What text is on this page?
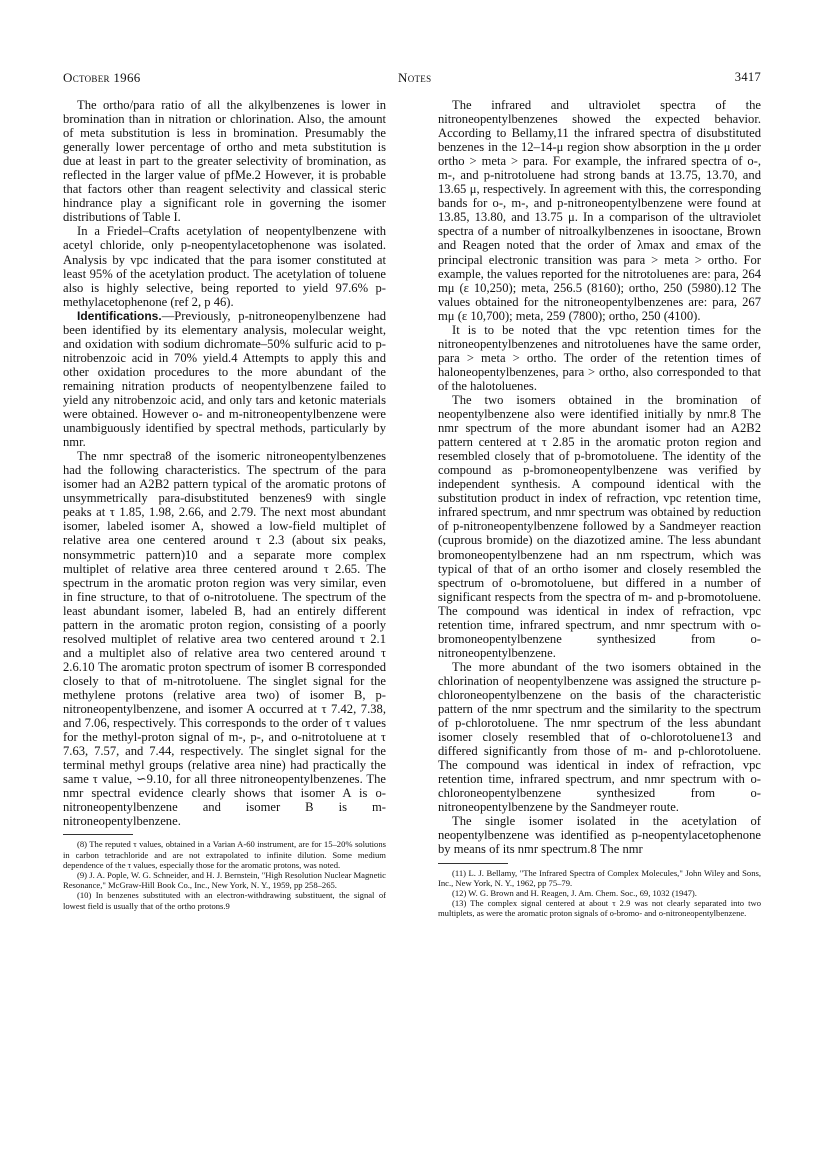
October 1966	Notes	3417

The ortho/para ratio of all the alkylbenzenes is lower in bromination than in nitration or chlorination. Also, the amount of meta substitution is less in bromination. Presumably the generally lower percentage of ortho and meta substitution is due at least in part to the greater selectivity of bromination, as reflected in the larger value of pfMe.2 However, it is probable that factors other than reagent selectivity and classical steric hindrance play a significant role in governing the isomer distributions of Table I.

In a Friedel–Crafts acetylation of neopentylbenzene with acetyl chloride, only p-neopentylacetophenone was isolated. Analysis by vpc indicated that the para isomer constituted at least 95% of the acetylation product. The acetylation of toluene also is highly selective, being reported to yield 97.6% p-methylacetophenone (ref 2, p 46).

Identifications.—Previously, p-nitroneopenylbenzene had been identified by its elementary analysis, molecular weight, and oxidation with sodium dichromate–50% sulfuric acid to p-nitrobenzoic acid in 70% yield.4 Attempts to apply this and other oxidation procedures to the more abundant of the remaining nitration products of neopentylbenzene failed to yield any nitrobenzoic acid, and only tars and ketonic materials were obtained. However o- and m-nitroneopentylbenzene were unambiguously identified by spectral methods, particularly by nmr.

The nmr spectra8 of the isomeric nitroneopentylbenzenes had the following characteristics. The spectrum of the para isomer had an A2B2 pattern typical of the aromatic protons of unsymmetrically para-disubstituted benzenes9 with single peaks at τ 1.85, 1.98, 2.66, and 2.79. The next most abundant isomer, labeled isomer A, showed a low-field multiplet of relative area one centered around τ 2.3 (about six peaks, nonsymmetric pattern)10 and a separate more complex multiplet of relative area three centered around τ 2.65. The spectrum in the aromatic proton region was very similar, even in fine structure, to that of o-nitrotoluene. The spectrum of the least abundant isomer, labeled B, had an entirely different pattern in the aromatic proton region, consisting of a poorly resolved multiplet of relative area two centered around τ 2.1 and a multiplet also of relative area two centered around τ 2.6.10 The aromatic proton spectrum of isomer B corresponded closely to that of m-nitrotoluene. The singlet signal for the methylene protons (relative area two) of isomer B, p-nitroneopentylbenzene, and isomer A occurred at τ 7.42, 7.38, and 7.06, respectively. This corresponds to the order of τ values for the methyl-proton signal of m-, p-, and o-nitrotoluene at τ 7.63, 7.57, and 7.44, respectively. The singlet signal for the terminal methyl groups (relative area nine) had practically the same τ value, ∽9.10, for all three nitroneopentylbenzenes. The nmr spectral evidence clearly shows that isomer A is o-nitroneopentylbenzene and isomer B is m-nitroneopentylbenzene.

(8) The reputed τ values, obtained in a Varian A-60 instrument, are for 15–20% solutions in carbon tetrachloride and are not extrapolated to infinite dilution. Some medium dependence of the τ values, especially those for the aromatic protons, was noted.

(9) J. A. Pople, W. G. Schneider, and H. J. Bernstein, "High Resolution Nuclear Magnetic Resonance," McGraw-Hill Book Co., Inc., New York, N. Y., 1959, pp 258–265.

(10) In benzenes substituted with an electron-withdrawing substituent, the signal of lowest field is usually that of the ortho protons.9

The infrared and ultraviolet spectra of the nitroneopentylbenzenes showed the expected behavior. According to Bellamy,11 the infrared spectra of disubstituted benzenes in the 12–14-μ region show absorption in the μ order ortho > meta > para. For example, the infrared spectra of o-, m-, and p-nitrotoluene had strong bands at 13.75, 13.70, and 13.65 μ, respectively. In agreement with this, the corresponding bands for o-, m-, and p-nitroneopentylbenzene were found at 13.85, 13.80, and 13.75 μ. In a comparison of the ultraviolet spectra of a number of nitroalkylbenzenes in isooctane, Brown and Reagen noted that the order of λmax and εmax of the principal electronic transition was para > meta > ortho. For example, the values reported for the nitrotoluenes are: para, 264 mμ (ε 10,250); meta, 256.5 (8160); ortho, 250 (5980).12 The values obtained for the nitroneopentylbenzenes are: para, 267 mμ (ε 10,700); meta, 259 (7800); ortho, 250 (4100).

It is to be noted that the vpc retention times for the nitroneopentylbenzenes and nitrotoluenes have the same order, para > meta > ortho. The order of the retention times of haloneopentylbenzenes, para > ortho, also corresponded to that of the halotoluenes.

The two isomers obtained in the bromination of neopentylbenzene also were identified initially by nmr.8 The nmr spectrum of the more abundant isomer had an A2B2 pattern centered at τ 2.85 in the aromatic proton region and resembled closely that of p-bromotoluene. The identity of the compound as p-bromoneopentylbenzene was verified by independent synthesis. A compound identical with the substitution product in index of refraction, vpc retention time, infrared spectrum, and nmr spectrum was obtained by reduction of p-nitroneopentylbenzene followed by a Sandmeyer reaction (cuprous bromide) on the diazotized amine. The less abundant bromoneopentylbenzene had an nm rspectrum, which was typical of that of an ortho isomer and closely resembled the spectrum of o-bromotoluene, but differed in a number of significant respects from the spectra of m- and p-bromotoluene. The compound was identical in index of refraction, vpc retention time, infrared spectrum, and nmr spectrum with o-bromoneopentylbenzene synthesized from o-nitroneopentylbenzene.

The more abundant of the two isomers obtained in the chlorination of neopentylbenzene was assigned the structure p-chloroneopentylbenzene on the basis of the characteristic pattern of the nmr spectrum and the similarity to the spectrum of p-chlorotoluene. The nmr spectrum of the less abundant isomer closely resembled that of o-chlorotoluene13 and differed significantly from those of m- and p-chlorotoluene. The compound was identical in index of refraction, vpc retention time, infrared spectrum, and nmr spectrum with o-chloroneopentylbenzene synthesized from o-nitroneopentylbenzene by the Sandmeyer route.

The single isomer isolated in the acetylation of neopentylbenzene was identified as p-neopentylacetophenone by means of its nmr spectrum.8 The nmr

(11) L. J. Bellamy, "The Infrared Spectra of Complex Molecules," John Wiley and Sons, Inc., New York, N. Y., 1962, pp 75–79.

(12) W. G. Brown and H. Reagen, J. Am. Chem. Soc., 69, 1032 (1947).

(13) The complex signal centered at about τ 2.9 was not clearly separated into two multiplets, as were the aromatic proton signals of o-bromo- and o-nitroneopentylbenzene.
